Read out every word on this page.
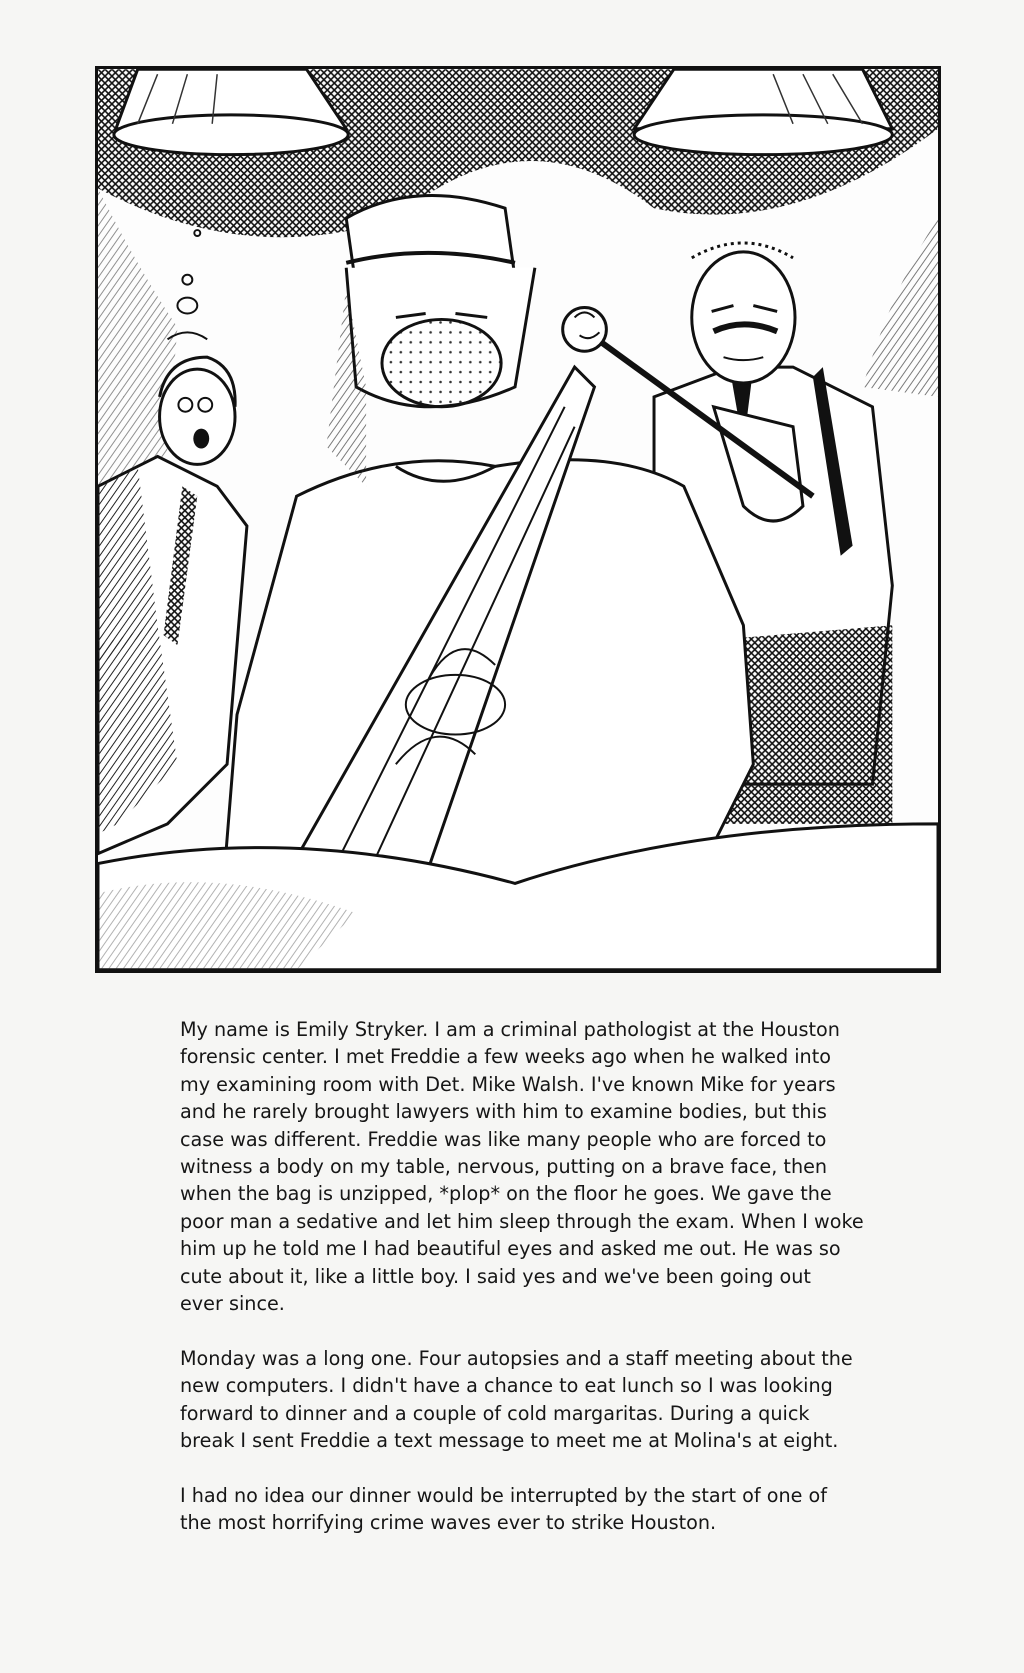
My name is Emily Stryker. I am a criminal pathologist at the Houston
forensic center. I met Freddie a few weeks ago when he walked into
my examining room with Det. Mike Walsh. I've known Mike for years
and he rarely brought lawyers with him to examine bodies, but this
case was different. Freddie was like many people who are forced to
witness a body on my table, nervous, putting on a brave face, then
when the bag is unzipped, *plop* on the floor he goes. We gave the
poor man a sedative and let him sleep through the exam. When I woke
him up he told me I had beautiful eyes and asked me out. He was so
cute about it, like a little boy. I said yes and we've been going out
ever since.

Monday was a long one. Four autopsies and a staff meeting about the
new computers. I didn't have a chance to eat lunch so I was looking
forward to dinner and a couple of cold margaritas. During a quick
break I sent Freddie a text message to meet me at Molina's at eight.

I had no idea our dinner would be interrupted by the start of one of
the most horrifying crime waves ever to strike Houston.
